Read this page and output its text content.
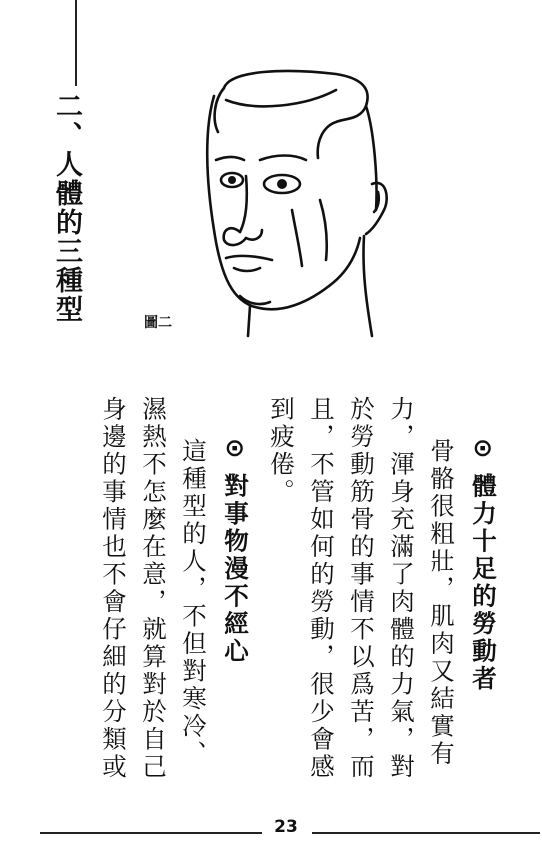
二、人體的三種型	圖二
⊙ 體力十足的勞動者
骨骼很粗壯，肌肉又結實有
力，渾身充滿了肉體的力氣，對
於勞動筋骨的事情不以爲苦，而
且，不管如何的勞動，很少會感
到疲倦。
⊙ 對事物漫不經心
這種型的人，不但對寒冷、
濕熱不怎麼在意，就算對於自己
身邊的事情也不會仔細的分類或
23
